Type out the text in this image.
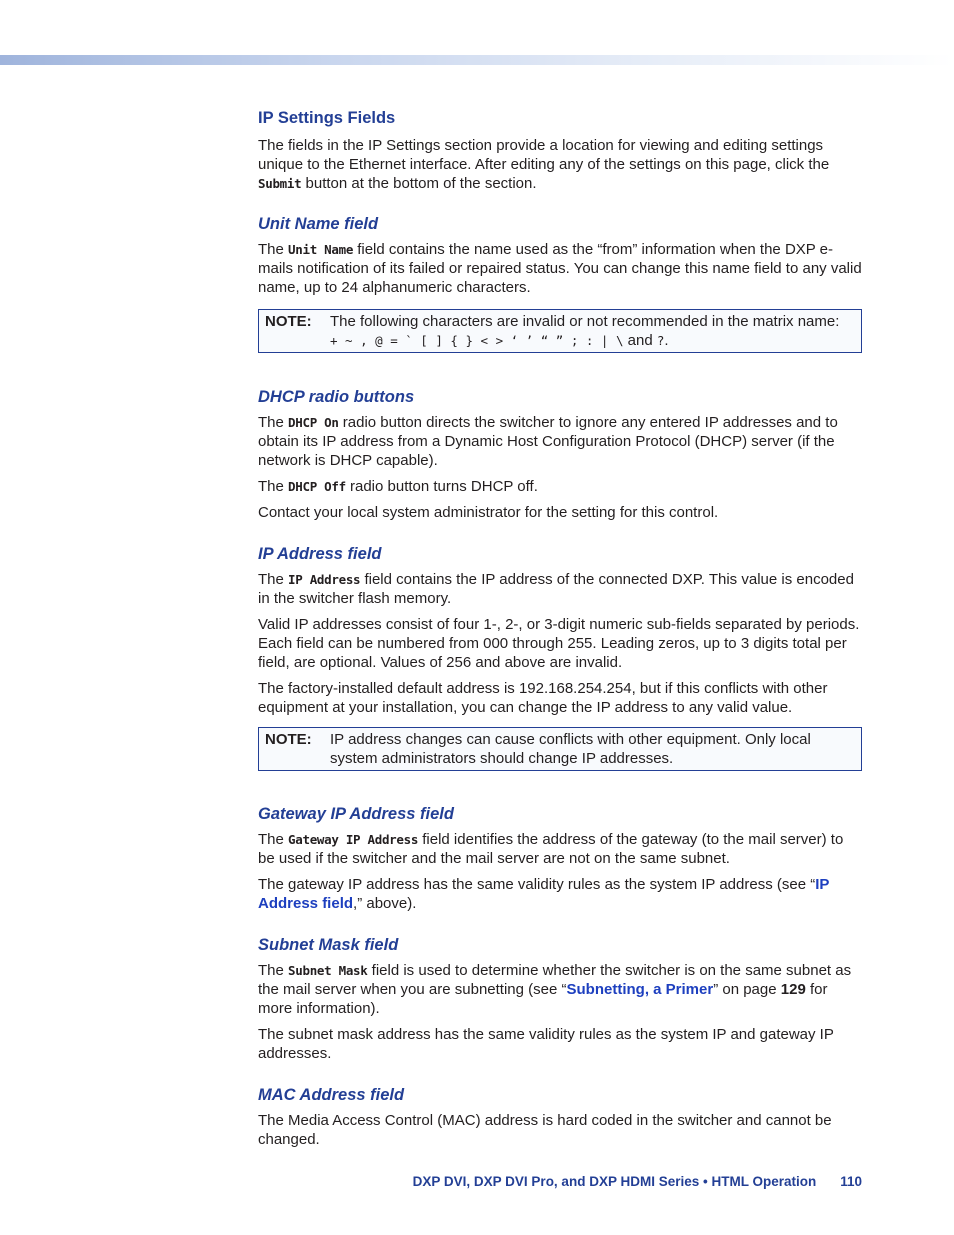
IP Settings Fields

The fields in the IP Settings section provide a location for viewing and editing settings unique to the Ethernet interface. After editing any of the settings on this page, click the Submit button at the bottom of the section.

Unit Name field

The Unit Name field contains the name used as the “from” information when the DXP e-mails notification of its failed or repaired status. You can change this name field to any valid name, up to 24 alphanumeric characters.

NOTE:	The following characters are invalid or not recommended in the matrix name:
+ ~ , @ = ` [ ] { } < > ‘ ’ “ ” ; : | \ and ?.
DHCP radio buttons

The DHCP On radio button directs the switcher to ignore any entered IP addresses and to obtain its IP address from a Dynamic Host Configuration Protocol (DHCP) server (if the network is DHCP capable).

The DHCP Off radio button turns DHCP off.

Contact your local system administrator for the setting for this control.

IP Address field

The IP Address field contains the IP address of the connected DXP. This value is encoded in the switcher flash memory.

Valid IP addresses consist of four 1-, 2-, or 3-digit numeric sub-fields separated by periods. Each field can be numbered from 000 through 255. Leading zeros, up to 3 digits total per field, are optional. Values of 256 and above are invalid.

The factory-installed default address is 192.168.254.254, but if this conflicts with other equipment at your installation, you can change the IP address to any valid value.

NOTE:	IP address changes can cause conflicts with other equipment. Only local system administrators should change IP addresses.
Gateway IP Address field

The Gateway IP Address field identifies the address of the gateway (to the mail server) to be used if the switcher and the mail server are not on the same subnet.

The gateway IP address has the same validity rules as the system IP address (see “IP Address field,” above).

Subnet Mask field

The Subnet Mask field is used to determine whether the switcher is on the same subnet as the mail server when you are subnetting (see “Subnetting, a Primer” on page 129 for more information).

The subnet mask address has the same validity rules as the system IP and gateway IP addresses.

MAC Address field

The Media Access Control (MAC) address is hard coded in the switcher and cannot be changed.

DXP DVI, DXP DVI Pro, and DXP HDMI Series • HTML Operation 110
